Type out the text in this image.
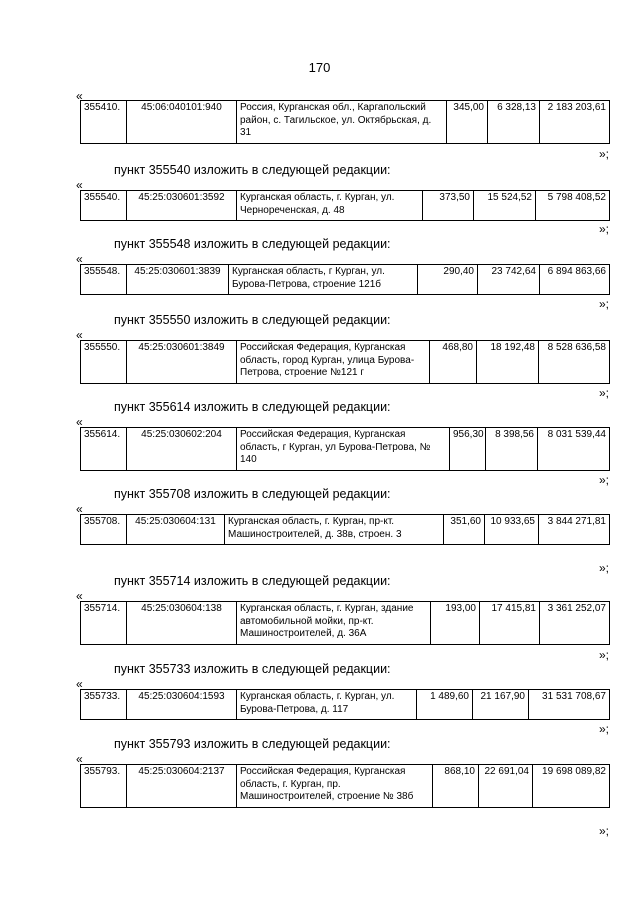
170
«
355410.	45:06:040101:940	Россия, Курганская обл., Каргапольский район, с. Тагильское, ул. Октябрьская, д. 31	345,00	6 328,13	2 183 203,61
»;
пункт 355540 изложить в следующей редакции:
«
355540.	45:25:030601:3592	Курганская область, г. Курган, ул. Чернореченская, д. 48	373,50	15 524,52	5 798 408,52
»;
пункт 355548 изложить в следующей редакции:
«
355548.	45:25:030601:3839	Курганская область, г Курган, ул. Бурова-Петрова, строение 121б	290,40	23 742,64	6 894 863,66
»;
пункт 355550 изложить в следующей редакции:
«
355550.	45:25:030601:3849	Российская Федерация, Курганская область, город Курган, улица Бурова-Петрова, строение №121 г	468,80	18 192,48	8 528 636,58
»;
пункт 355614 изложить в следующей редакции:
«
355614.	45:25:030602:204	Российская Федерация, Курганская область, г Курган, ул Бурова-Петрова, № 140	956,30	8 398,56	8 031 539,44
»;
пункт 355708 изложить в следующей редакции:
«
355708.	45:25:030604:131	Курганская область, г. Курган, пр-кт. Машиностроителей, д. 38в, строен. 3	351,60	10 933,65	3 844 271,81
»;
пункт 355714 изложить в следующей редакции:
«
355714.	45:25:030604:138	Курганская область, г. Курган, здание автомобильной мойки, пр-кт. Машиностроителей, д. 36А	193,00	17 415,81	3 361 252,07
»;
пункт 355733 изложить в следующей редакции:
«
355733.	45:25:030604:1593	Курганская область, г. Курган, ул. Бурова-Петрова, д. 117	1 489,60	21 167,90	31 531 708,67
»;
пункт 355793 изложить в следующей редакции:
«
355793.	45:25:030604:2137	Российская Федерация, Курганская область, г. Курган, пр. Машиностроителей, строение № 38б	868,10	22 691,04	19 698 089,82
»;
